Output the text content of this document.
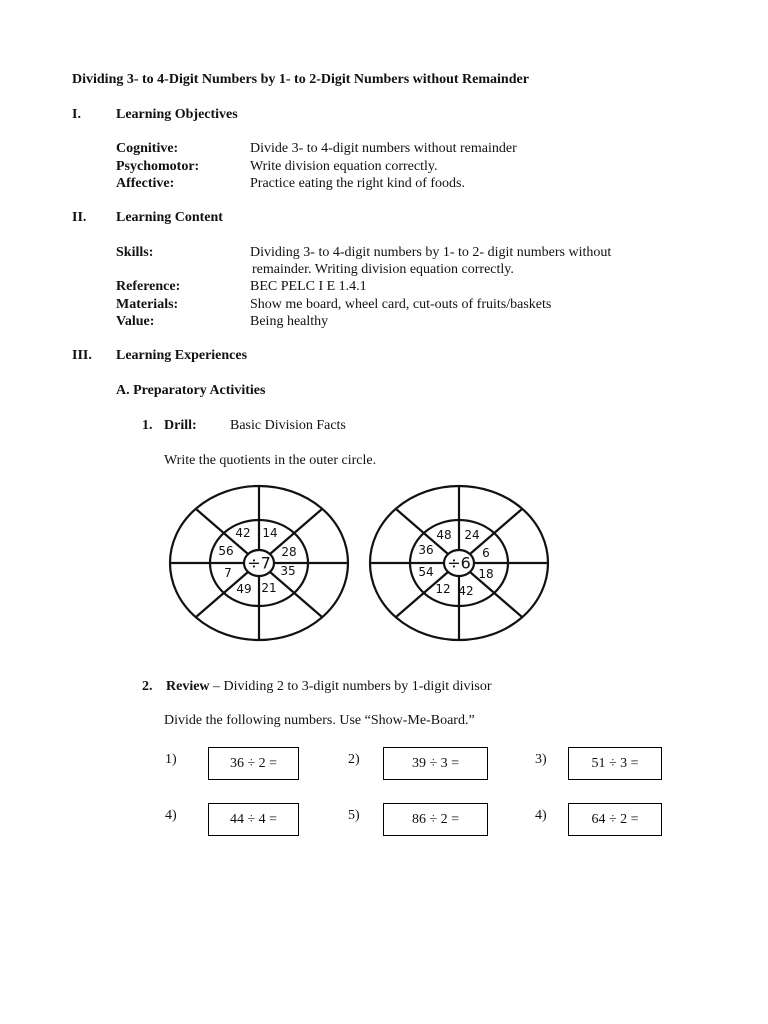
Dividing 3- to 4-Digit Numbers by 1- to 2-Digit Numbers without Remainder
I.	Learning Objectives
Cognitive:	Divide 3- to 4-digit numbers without remainder
Psychomotor:	Write division equation correctly.
Affective:	Practice eating the right kind of foods.
II. Learning Content
Skills:	Dividing 3- to 4-digit numbers by 1- to 2- digit numbers without
remainder. Writing division equation correctly.
Reference:	BEC PELC I E 1.4.1
Materials:	Show me board, wheel card, cut-outs of fruits/baskets
Value:	Being healthy
III. Learning Experiences
A. Preparatory Activities
1. Drill: Basic Division Facts
Write the quotients in the outer circle.
÷7
42 14
28
35
21
49
7
56
÷6
48 24
6
18
42
12
54
36
2. Review – Dividing 2 to 3-digit numbers by 1-digit divisor
Divide the following numbers. Use “Show-Me-Board.”
1)	36 ÷ 2 =	2)	39 ÷ 3 =	3)	51 ÷ 3 =
4)	44 ÷ 4 =	5)	86 ÷ 2 =	4)	64 ÷ 2 =
